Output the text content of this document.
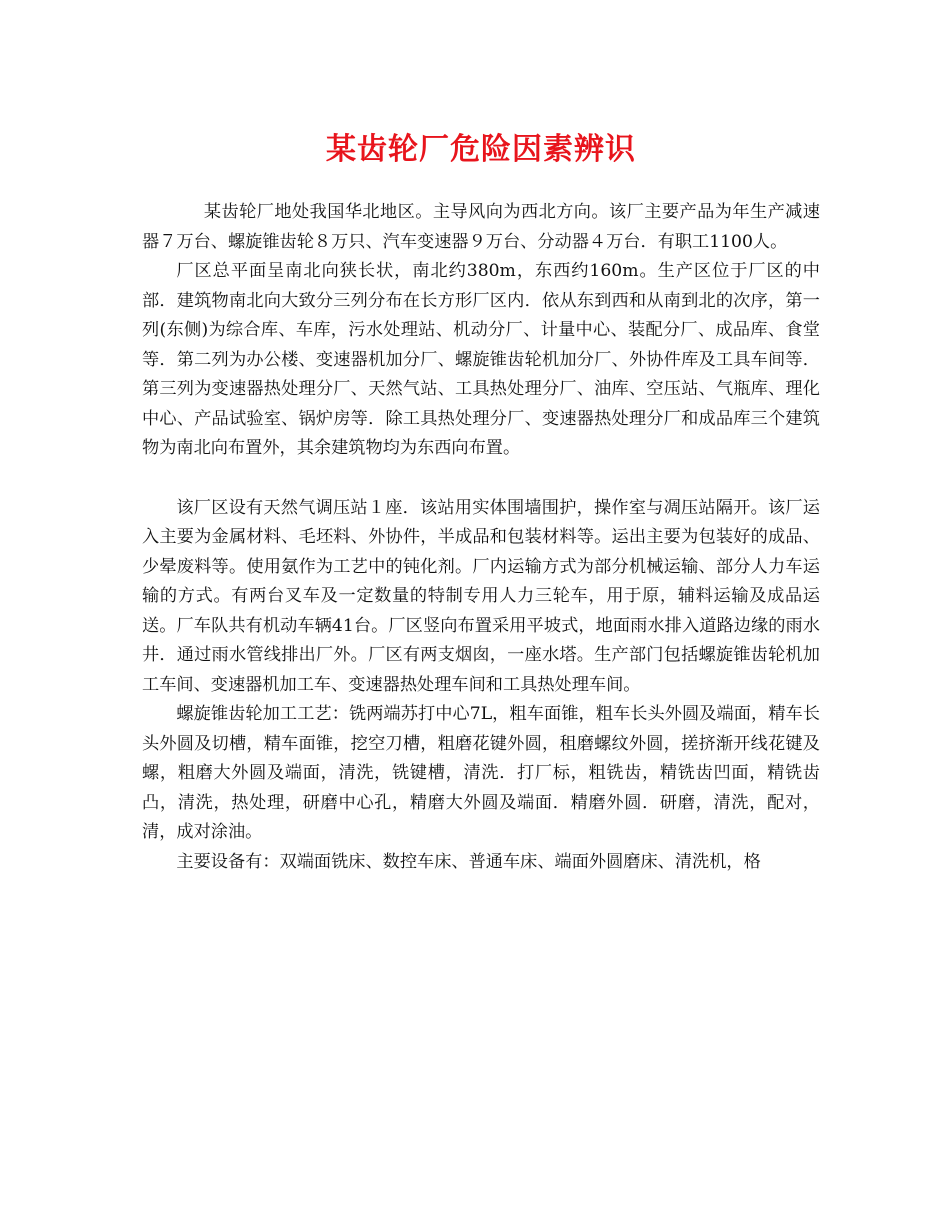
某齿轮厂危险因素辨识

某齿轮厂地处我国华北地区。主导风向为西北方向。该厂主要产品为年生产减速器７万台、螺旋锥齿轮８万只、汽车变速器９万台、分动器４万台．有职工1100人。

厂区总平面呈南北向狭长状，南北约380m，东西约160m。生产区位于厂区的中部．建筑物南北向大致分三列分布在长方形厂区内．依从东到西和从南到北的次序，第一列(东侧)为综合库、车库，污水处理站、机动分厂、计量中心、装配分厂、成品库、食堂等．第二列为办公楼、变速器机加分厂、螺旋锥齿轮机加分厂、外协件库及工具车间等．第三列为变速器热处理分厂、天然气站、工具热处理分厂、油库、空压站、气瓶库、理化中心、产品试验室、锅炉房等．除工具热处理分厂、变速器热处理分厂和成品库三个建筑物为南北向布置外，其余建筑物均为东西向布置。

该厂区设有天然气调压站１座．该站用实体围墙围护，操作室与凋压站隔开。该厂运入主要为金属材料、毛坯料、外协件，半成品和包装材料等。运出主要为包装好的成品、少晕废料等。使用氨作为工艺中的钝化剂。厂内运输方式为部分机械运输、部分人力车运输的方式。有两台叉车及一定数量的特制专用人力三轮车，用于原，辅料运输及成品运送。厂车队共有机动车辆41台。厂区竖向布置采用平坡式，地面雨水排入道路边缘的雨水井．通过雨水管线排出厂外。厂区有两支烟囱，一座水塔。生产部门包括螺旋锥齿轮机加工车间、变速器机加工车、变速器热处理车间和工具热处理车间。

螺旋锥齿轮加工工艺：铣两端苏打中心7L，粗车面锥，粗车长头外圆及端面，精车长头外圆及切槽，精车面锥，挖空刀槽，粗磨花键外圆，租磨螺纹外圆，搓挤渐开线花键及螺，粗磨大外圆及端面，清洗，铣键槽，清洗．打厂标，粗铣齿，精铣齿凹面，精铣齿凸，清洗，热处理，研磨中心孔，精磨大外圆及端面．精磨外圆．研磨，清洗，配对，清，成对涂油。

主要设备有：双端面铣床、数控车床、普通车床、端面外圆磨床、清洗机，格
